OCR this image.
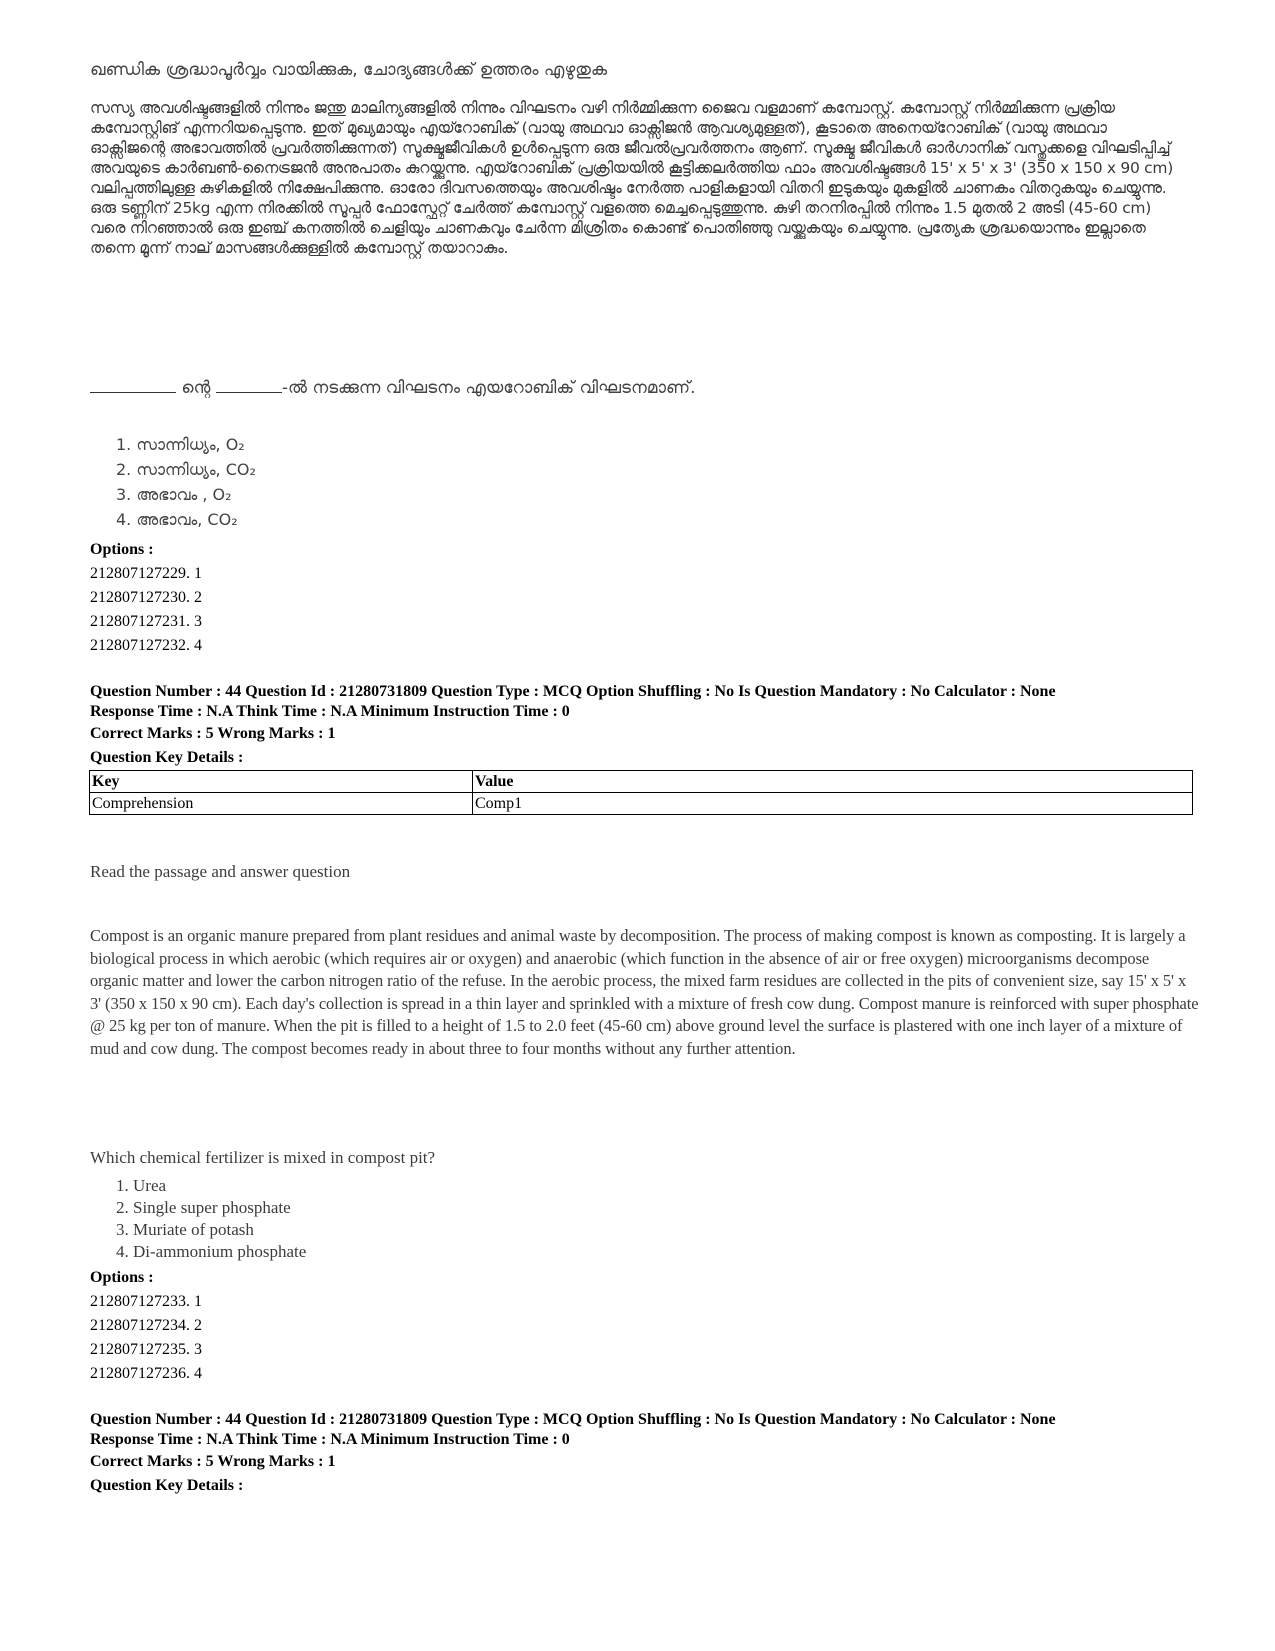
ഖണ്ഡിക ശ്രദ്ധാപൂർവ്വം വായിക്കുക, ചോദ്യങ്ങൾക്ക് ഉത്തരം എഴുതുക
സസ്യ അവശിഷ്ടങ്ങളിൽ നിന്നും ജന്തു മാലിന്യങ്ങളിൽ നിന്നും വിഘടനം വഴി നിർമ്മിക്കുന്ന ജൈവ വളമാണ് കമ്പോസ്റ്റ്. കമ്പോസ്റ്റ് നിർമ്മിക്കുന്ന പ്രക്രിയ കമ്പോസ്റ്റിങ് എന്നറിയപ്പെടുന്നു. ഇത് മുഖ്യമായും എയ്റോബിക് (വായു അഥവാ ഓക്സിജൻ ആവശ്യമുള്ളത്), കൂടാതെ അനെയ്റോബിക് (വായു അഥവാ ഓക്സിജന്റെ അഭാവത്തിൽ പ്രവർത്തിക്കുന്നത്) സൂക്ഷ്മജീവികൾ ഉൾപ്പെടുന്ന ഒരു ജീവൽപ്രവർത്തനം ആണ്. സൂക്ഷ്മ ജീവികൾ ഓർഗാനിക് വസ്തുക്കളെ വിഘടിപ്പിച്ച് അവയുടെ കാർബൺ-നൈട്രജൻ അനുപാതം കുറയ്ക്കുന്നു. എയ്റോബിക് പ്രക്രിയയിൽ കൂട്ടിക്കലർത്തിയ ഫാം അവശിഷ്ടങ്ങൾ 15' x 5' x 3' (350 x 150 x 90 cm) വലിപ്പത്തിലുള്ള കുഴികളിൽ നിക്ഷേപിക്കുന്നു. ഓരോ ദിവസത്തെയും അവശിഷ്ടം നേർത്ത പാളികളായി വിതറി ഇടുകയും മുകളിൽ ചാണകം വിതറുകയും ചെയ്യുന്നു. ഒരു ടണ്ണിന് 25kg എന്ന നിരക്കിൽ സൂപ്പർ ഫോസ്ഫേറ്റ് ചേർത്ത് കമ്പോസ്റ്റ് വളത്തെ മെച്ചപ്പെടുത്തുന്നു. കുഴി തറനിരപ്പിൽ നിന്നും 1.5 മുതൽ 2 അടി (45-60 cm) വരെ നിറഞ്ഞാൽ ഒരു ഇഞ്ച് കനത്തിൽ ചെളിയും ചാണകവും ചേർന്ന മിശ്രിതം കൊണ്ട് പൊതിഞ്ഞു വയ്ക്കുകയും ചെയ്യുന്നു. പ്രത്യേക ശ്രദ്ധയൊന്നും ഇല്ലാതെ തന്നെ മൂന്ന് നാല് മാസങ്ങൾക്കുള്ളിൽ കമ്പോസ്റ്റ് തയാറാകും.
ന്റെ	-ൽ നടക്കുന്ന വിഘടനം എയറോബിക് വിഘടനമാണ്.
1. സാന്നിധ്യം, O₂
2. സാന്നിധ്യം, CO₂
3. അഭാവം , O₂
4. അഭാവം, CO₂
Options :
212807127229. 1
212807127230. 2
212807127231. 3
212807127232. 4
Question Number : 44 Question Id : 21280731809 Question Type : MCQ Option Shuffling : No Is Question Mandatory : No Calculator : None
Response Time : N.A Think Time : N.A Minimum Instruction Time : 0
Correct Marks : 5 Wrong Marks : 1
Question Key Details :
Key	Value
Comprehension	Comp1
Read the passage and answer question
Compost is an organic manure prepared from plant residues and animal waste by decomposition. The process of making compost is known as composting. It is largely a biological process in which aerobic (which requires air or oxygen) and anaerobic (which function in the absence of air or free oxygen) microorganisms decompose organic matter and lower the carbon nitrogen ratio of the refuse. In the aerobic process, the mixed farm residues are collected in the pits of convenient size, say 15' x 5' x 3' (350 x 150 x 90 cm). Each day's collection is spread in a thin layer and sprinkled with a mixture of fresh cow dung. Compost manure is reinforced with super phosphate @ 25 kg per ton of manure. When the pit is filled to a height of 1.5 to 2.0 feet (45-60 cm) above ground level the surface is plastered with one inch layer of a mixture of mud and cow dung. The compost becomes ready in about three to four months without any further attention.
Which chemical fertilizer is mixed in compost pit?
1. Urea
2. Single super phosphate
3. Muriate of potash
4. Di-ammonium phosphate
Options :
212807127233. 1
212807127234. 2
212807127235. 3
212807127236. 4
Question Number : 44 Question Id : 21280731809 Question Type : MCQ Option Shuffling : No Is Question Mandatory : No Calculator : None
Response Time : N.A Think Time : N.A Minimum Instruction Time : 0
Correct Marks : 5 Wrong Marks : 1
Question Key Details :
